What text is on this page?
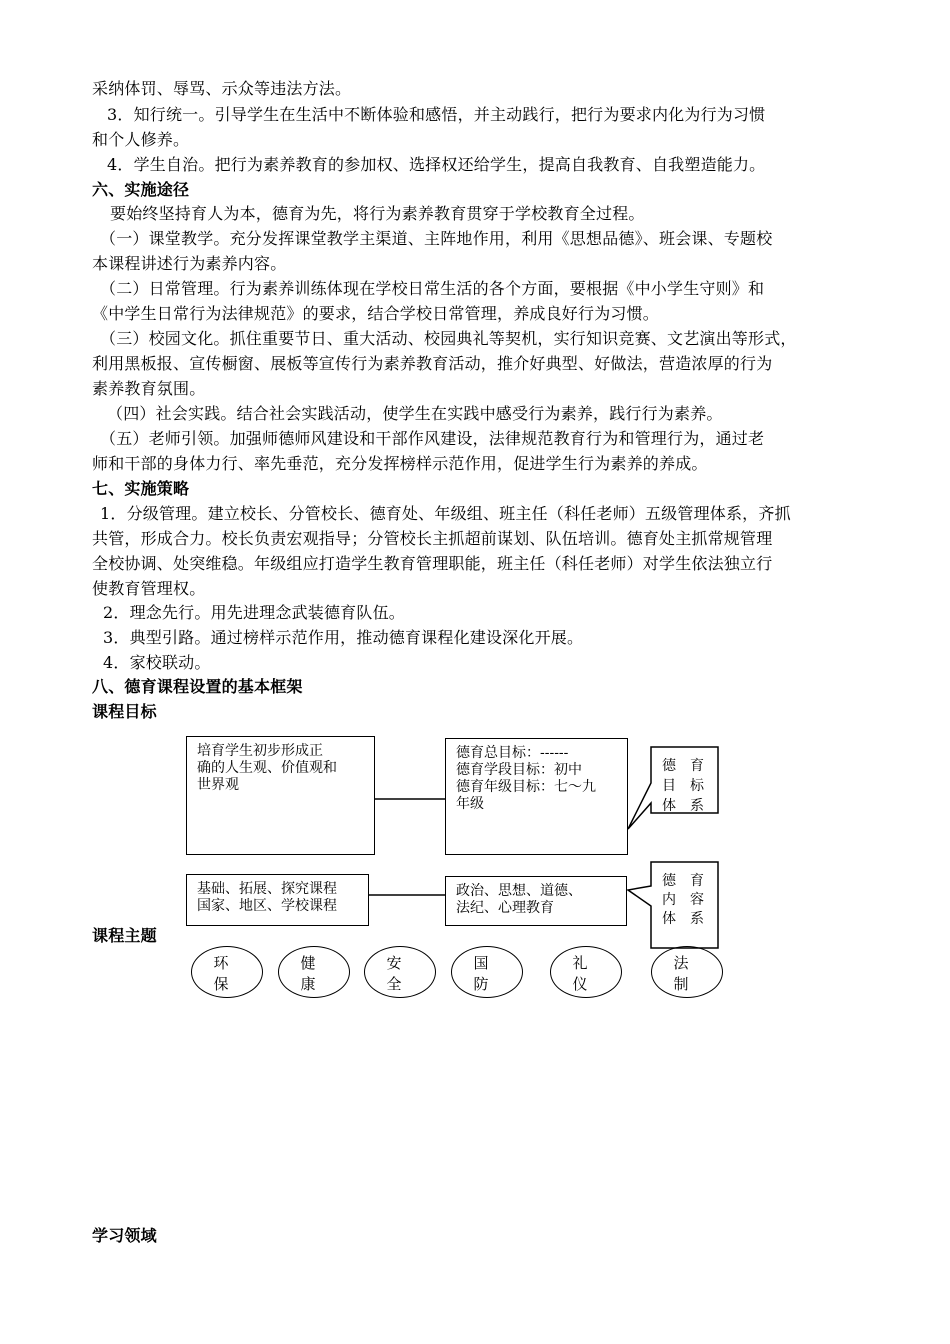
采纳体罚、辱骂、示众等违法方法。
3．知行统一。引导学生在生活中不断体验和感悟，并主动践行，把行为要求内化为行为习惯
和个人修养。
4．学生自治。把行为素养教育的参加权、选择权还给学生，提高自我教育、自我塑造能力。
六、实施途径
要始终坚持育人为本，德育为先，将行为素养教育贯穿于学校教育全过程。
（一）课堂教学。充分发挥课堂教学主渠道、主阵地作用，利用《思想品德》、班会课、专题校
本课程讲述行为素养内容。
（二）日常管理。行为素养训练体现在学校日常生活的各个方面，要根据《中小学生守则》和
《中学生日常行为法律规范》的要求，结合学校日常管理，养成良好行为习惯。
（三）校园文化。抓住重要节日、重大活动、校园典礼等契机，实行知识竞赛、文艺演出等形式，
利用黑板报、宣传橱窗、展板等宣传行为素养教育活动，推介好典型、好做法，营造浓厚的行为
素养教育氛围。
（四）社会实践。结合社会实践活动，使学生在实践中感受行为素养，践行行为素养。
（五）老师引领。加强师德师风建设和干部作风建设，法律规范教育行为和管理行为，通过老
师和干部的身体力行、率先垂范，充分发挥榜样示范作用，促进学生行为素养的养成。
七、实施策略
1．分级管理。建立校长、分管校长、德育处、年级组、班主任（科任老师）五级管理体系，齐抓
共管，形成合力。校长负责宏观指导；分管校长主抓超前谋划、队伍培训。德育处主抓常规管理
全校协调、处突维稳。年级组应打造学生教育管理职能，班主任（科任老师）对学生依法独立行
使教育管理权。
2．理念先行。用先进理念武装德育队伍。
3．典型引路。通过榜样示范作用，推动德育课程化建设深化开展。
4．家校联动。
八、德育课程设置的基本框架
课程目标
课程主题
学习领域
培育学生初步形成正
确的人生观、价值观和
世界观
德育总目标：------
德育学段目标：初中
德育年级目标：七～九
年级
德　育
目　标
体　系
基础、拓展、探究课程
国家、地区、学校课程
政治、思想、道德、
法纪、心理教育
德　育
内　容
体　系
环
保
健
康
安
全
国
防
礼
仪
法
制
